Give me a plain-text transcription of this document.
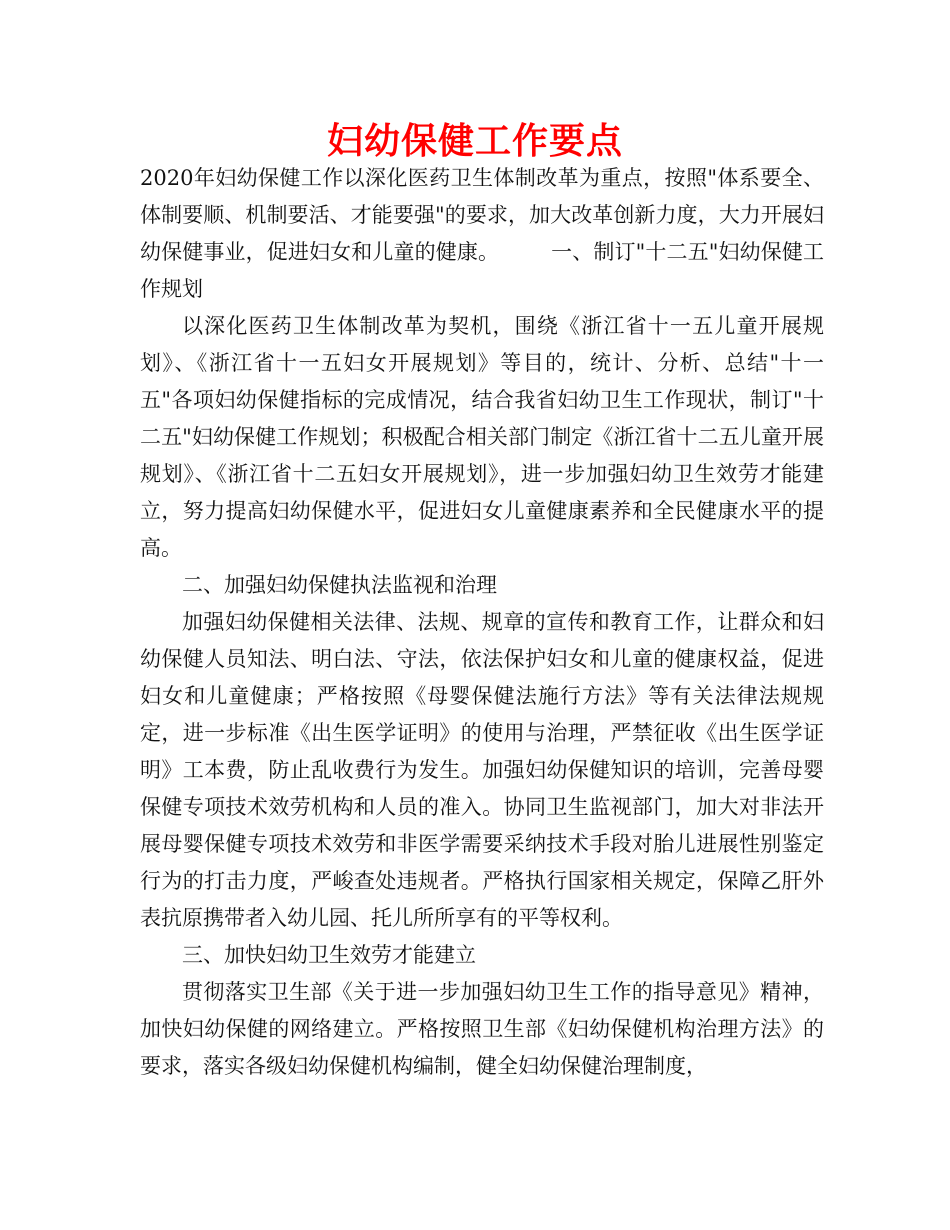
妇幼保健工作要点

2020年妇幼保健工作以深化医药卫生体制改革为重点，按照"体系要全、体制要顺、机制要活、才能要强"的要求，加大改革创新力度，大力开展妇幼保健事业，促进妇女和儿童的健康。 一、制订"十二五"妇幼保健工作规划

以深化医药卫生体制改革为契机，围绕《浙江省十一五儿童开展规划》、《浙江省十一五妇女开展规划》等目的，统计、分析、总结"十一五"各项妇幼保健指标的完成情况，结合我省妇幼卫生工作现状，制订"十二五"妇幼保健工作规划；积极配合相关部门制定《浙江省十二五儿童开展规划》、《浙江省十二五妇女开展规划》，进一步加强妇幼卫生效劳才能建立，努力提高妇幼保健水平，促进妇女儿童健康素养和全民健康水平的提高。

二、加强妇幼保健执法监视和治理

加强妇幼保健相关法律、法规、规章的宣传和教育工作，让群众和妇幼保健人员知法、明白法、守法，依法保护妇女和儿童的健康权益，促进妇女和儿童健康；严格按照《母婴保健法施行方法》等有关法律法规规定，进一步标准《出生医学证明》的使用与治理，严禁征收《出生医学证明》工本费，防止乱收费行为发生。加强妇幼保健知识的培训，完善母婴保健专项技术效劳机构和人员的准入。协同卫生监视部门，加大对非法开展母婴保健专项技术效劳和非医学需要采纳技术手段对胎儿进展性别鉴定行为的打击力度，严峻查处违规者。严格执行国家相关规定，保障乙肝外表抗原携带者入幼儿园、托儿所所享有的平等权利。

三、加快妇幼卫生效劳才能建立

贯彻落实卫生部《关于进一步加强妇幼卫生工作的指导意见》精神，加快妇幼保健的网络建立。严格按照卫生部《妇幼保健机构治理方法》的要求，落实各级妇幼保健机构编制，健全妇幼保健治理制度，
